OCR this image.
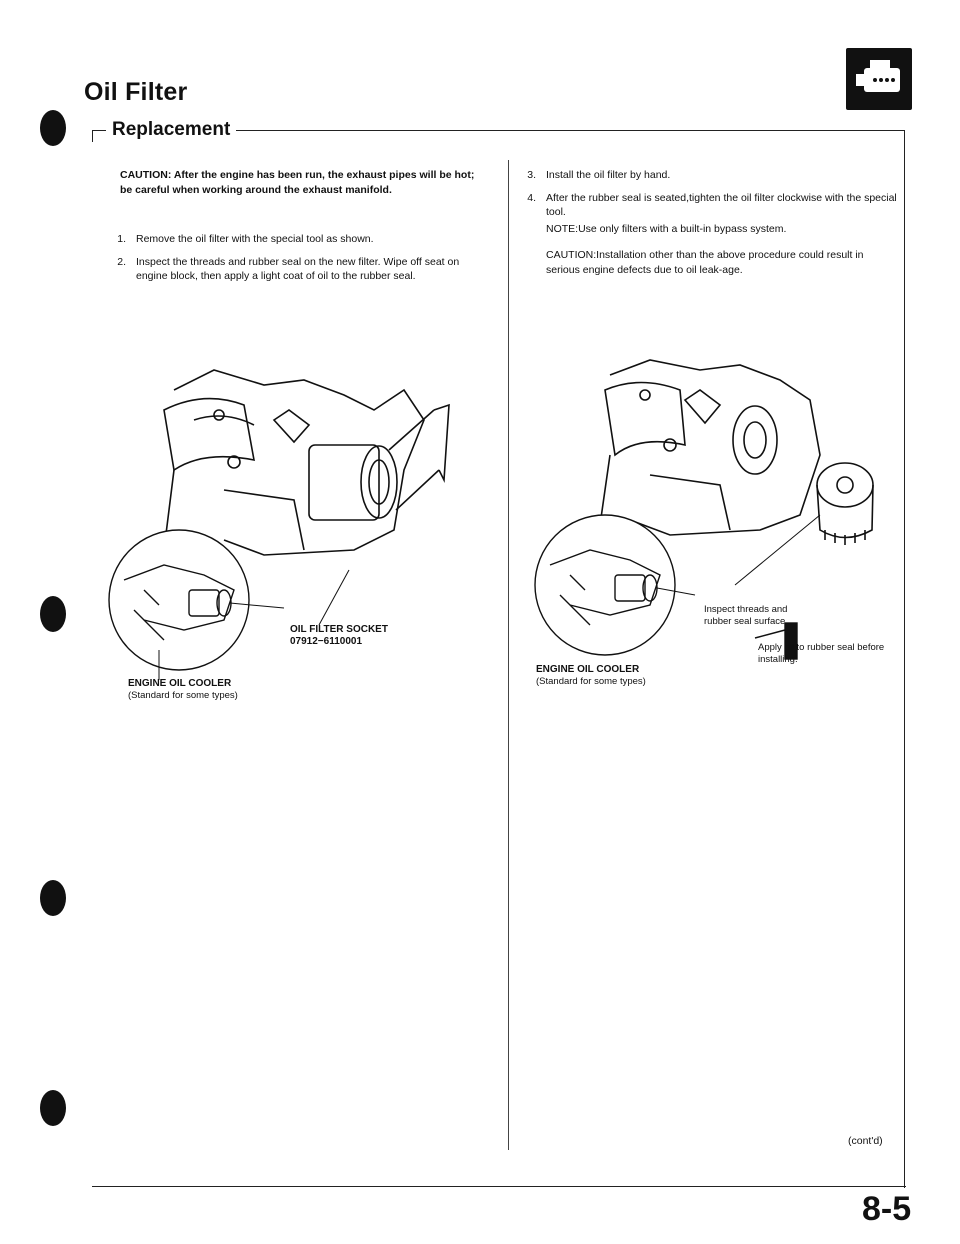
Oil Filter
Replacement
CAUTION: After the engine has been run, the exhaust pipes will be hot; be careful when working around the exhaust manifold.
1. Remove the oil filter with the special tool as shown.
2. Inspect the threads and rubber seal on the new filter. Wipe off seat on engine block, then apply a light coat of oil to the rubber seal.
3. Install the oil filter by hand.
4. After the rubber seal is seated,tighten the oil filter clockwise with the special tool.
NOTE:Use only filters with a built-in bypass system.
CAUTION:Installation other than the above procedure could result in serious engine defects due to oil leak-age.
OIL FILTER SOCKET
07912−6110001
ENGINE OIL COOLER
(Standard for some types)
Inspect threads and rubber seal surface.
Apply oil to rubber seal before installing.
ENGINE OIL COOLER
(Standard for some types)
(cont'd)
8-5
